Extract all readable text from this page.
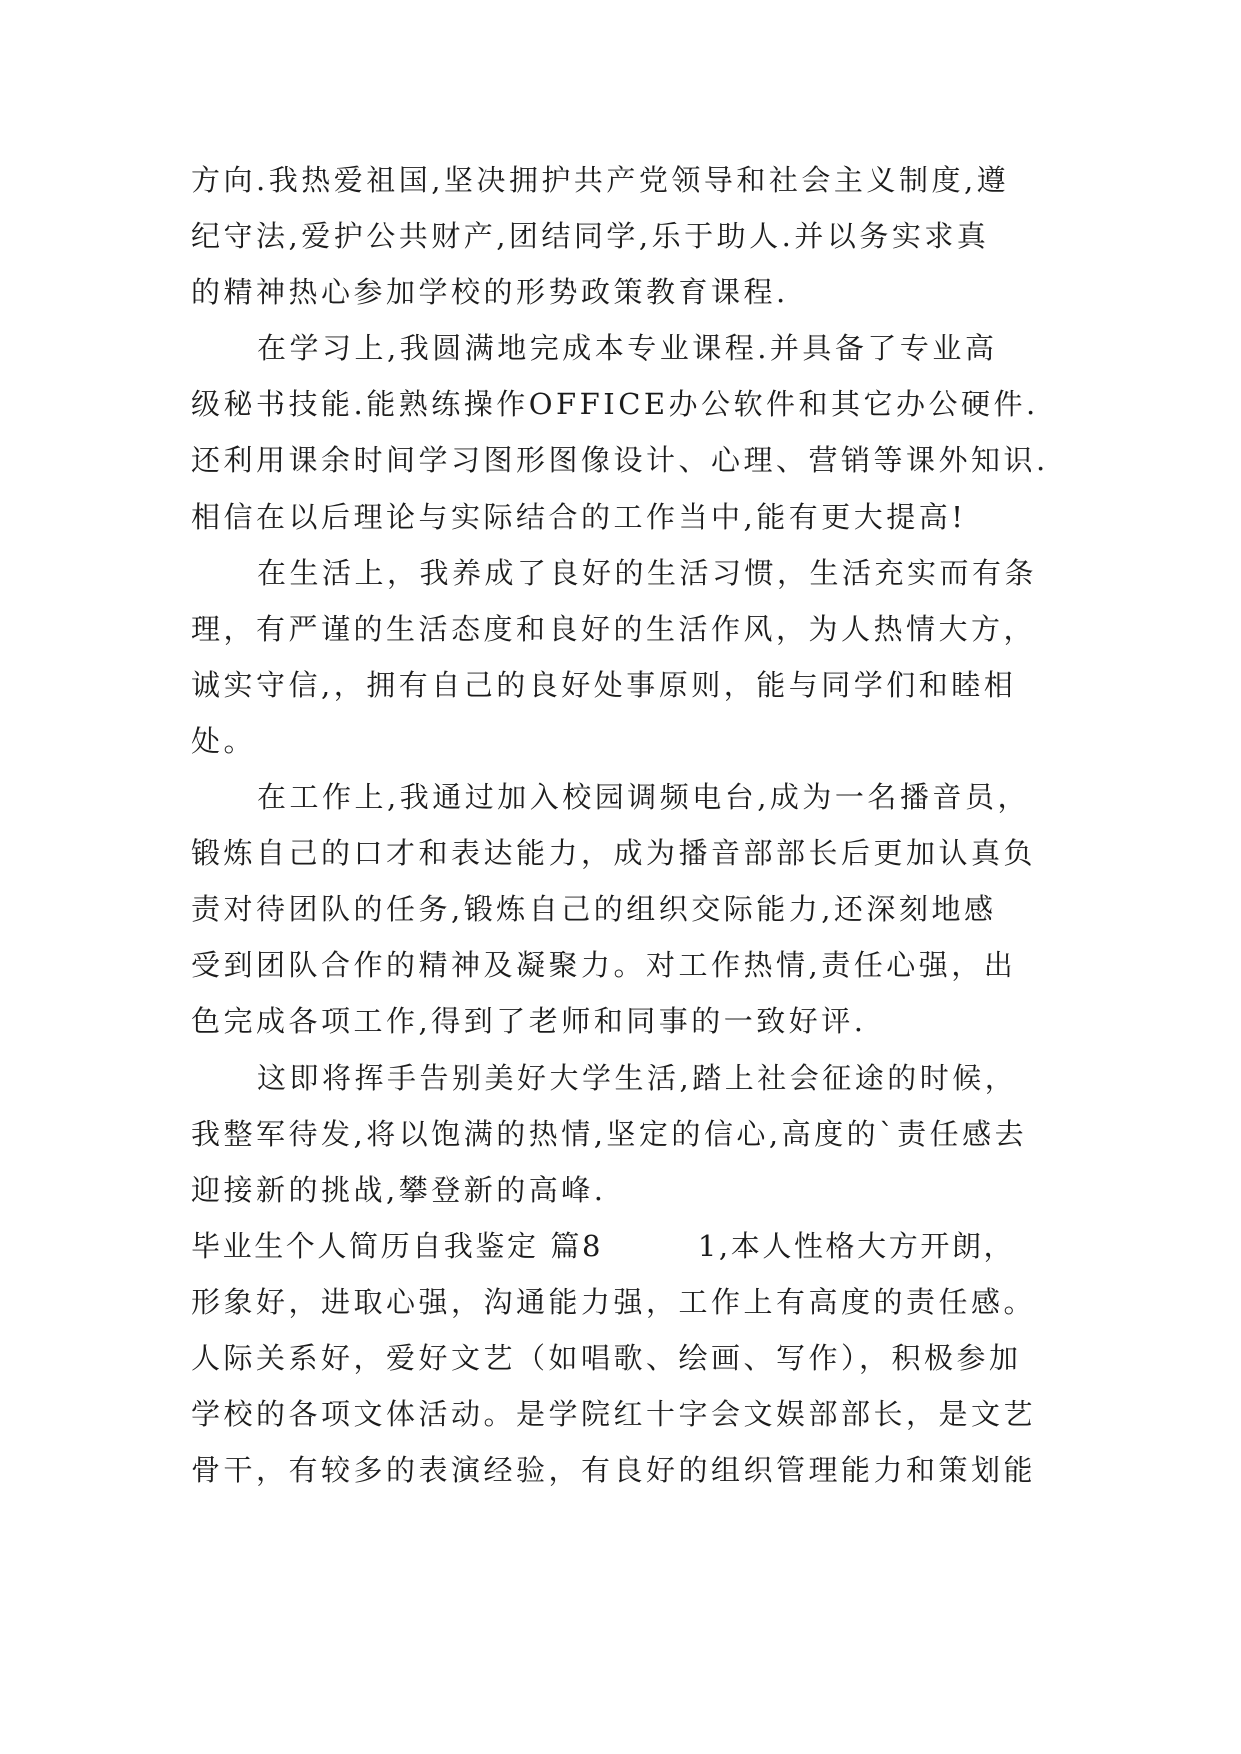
方向.我热爱祖国,坚决拥护共产党领导和社会主义制度,遵
纪守法,爱护公共财产,团结同学,乐于助人.并以务实求真
的精神热心参加学校的形势政策教育课程.
在学习上,我圆满地完成本专业课程.并具备了专业高
级秘书技能.能熟练操作OFFICE办公软件和其它办公硬件.
还利用课余时间学习图形图像设计、心理、营销等课外知识.
相信在以后理论与实际结合的工作当中,能有更大提高!
在生活上，我养成了良好的生活习惯，生活充实而有条
理，有严谨的生活态度和良好的生活作风，为人热情大方，
诚实守信,，拥有自己的良好处事原则，能与同学们和睦相
处。
在工作上,我通过加入校园调频电台,成为一名播音员，
锻炼自己的口才和表达能力，成为播音部部长后更加认真负
责对待团队的任务,锻炼自己的组织交际能力,还深刻地感
受到团队合作的精神及凝聚力。对工作热情,责任心强，出
色完成各项工作,得到了老师和同事的一致好评.
这即将挥手告别美好大学生活,踏上社会征途的时候，
我整军待发,将以饱满的热情,坚定的信心,高度的`责任感去
迎接新的挑战,攀登新的高峰.
毕业生个人简历自我鉴定 篇8　　　1,本人性格大方开朗，
形象好，进取心强，沟通能力强，工作上有高度的责任感。
人际关系好，爱好文艺（如唱歌、绘画、写作），积极参加
学校的各项文体活动。是学院红十字会文娱部部长，是文艺
骨干，有较多的表演经验，有良好的组织管理能力和策划能
